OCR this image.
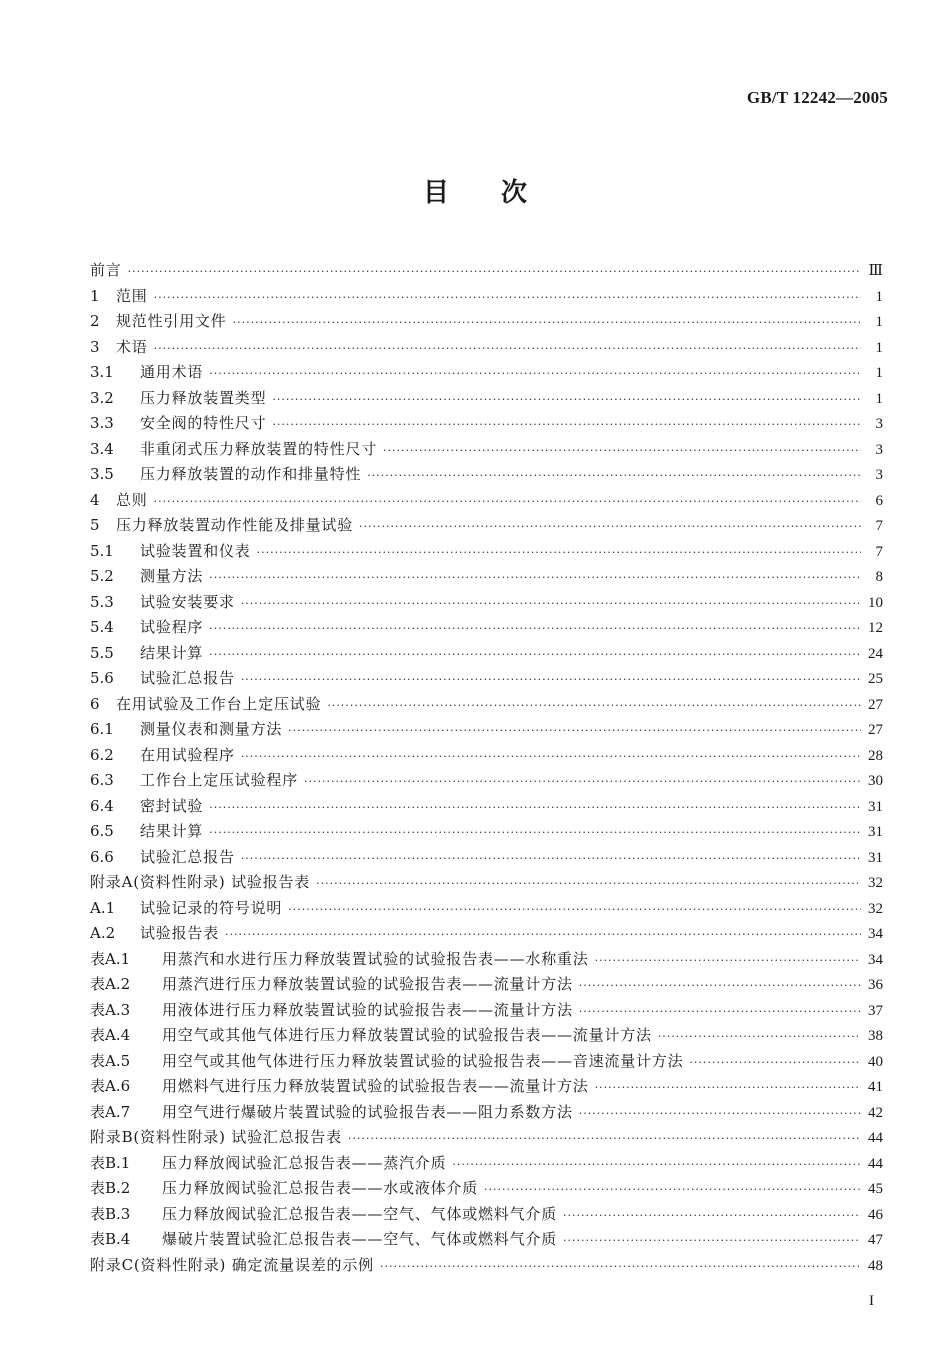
GB/T 12242—2005
目次
前言 ·····	Ⅲ
1	范围 ·····	1
2	规范性引用文件 ·····	1
3	术语 ·····	1
3.1	通用术语 ·····	1
3.2	压力释放装置类型 ·····	1
3.3	安全阀的特性尺寸 ·····	3
3.4	非重闭式压力释放装置的特性尺寸 ·····	3
3.5	压力释放装置的动作和排量特性 ·····	3
4	总则 ·····	6
5	压力释放装置动作性能及排量试验 ·····	7
5.1	试验装置和仪表 ·····	7
5.2	测量方法 ·····	8
5.3	试验安装要求 ·····	10
5.4	试验程序 ·····	12
5.5	结果计算 ·····	24
5.6	试验汇总报告 ·····	25
6	在用试验及工作台上定压试验 ·····	27
6.1	测量仪表和测量方法 ·····	27
6.2	在用试验程序 ·····	28
6.3	工作台上定压试验程序 ·····	30
6.4	密封试验 ·····	31
6.5	结果计算 ·····	31
6.6	试验汇总报告 ·····	31
附录A(资料性附录) 试验报告表 ·····	32
A.1	试验记录的符号说明 ·····	32
A.2	试验报告表 ·····	34
表A.1	用蒸汽和水进行压力释放装置试验的试验报告表——水称重法 ·····	34
表A.2	用蒸汽进行压力释放装置试验的试验报告表——流量计方法 ·····	36
表A.3	用液体进行压力释放装置试验的试验报告表——流量计方法 ·····	37
表A.4	用空气或其他气体进行压力释放装置试验的试验报告表——流量计方法 ·····	38
表A.5	用空气或其他气体进行压力释放装置试验的试验报告表——音速流量计方法 ·····	40
表A.6	用燃料气进行压力释放装置试验的试验报告表——流量计方法 ·····	41
表A.7	用空气进行爆破片装置试验的试验报告表——阻力系数方法 ·····	42
附录B(资料性附录) 试验汇总报告表 ·····	44
表B.1	压力释放阀试验汇总报告表——蒸汽介质 ·····	44
表B.2	压力释放阀试验汇总报告表——水或液体介质 ·····	45
表B.3	压力释放阀试验汇总报告表——空气、气体或燃料气介质 ·····	46
表B.4	爆破片装置试验汇总报告表——空气、气体或燃料气介质 ·····	47
附录C(资料性附录) 确定流量误差的示例 ·····	48
I
